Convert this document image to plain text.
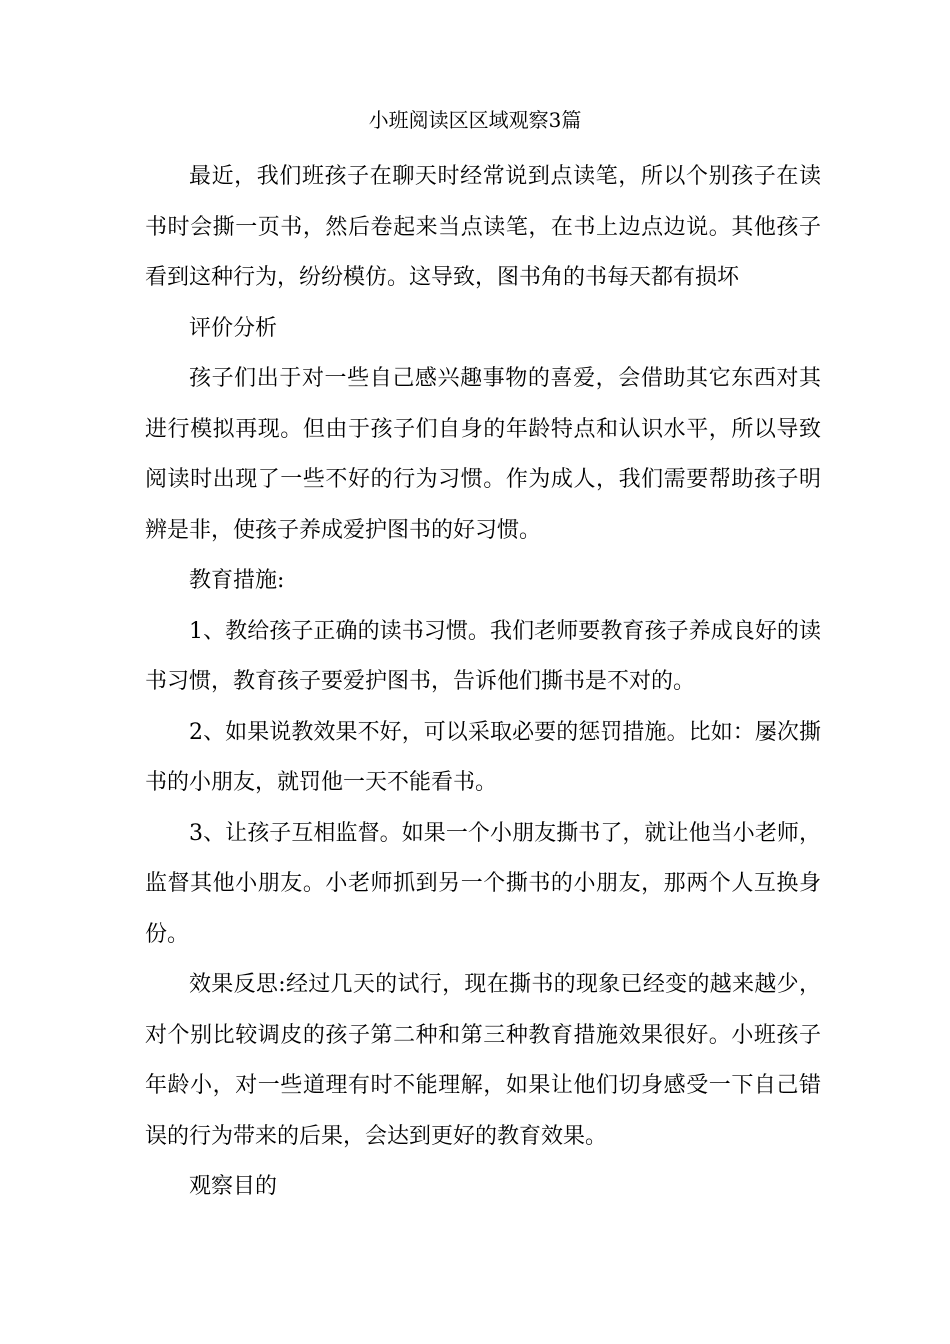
小班阅读区区域观察3篇

最近，我们班孩子在聊天时经常说到点读笔，所以个别孩子在读书时会撕一页书，然后卷起来当点读笔，在书上边点边说。其他孩子看到这种行为，纷纷模仿。这导致，图书角的书每天都有损坏

评价分析

孩子们出于对一些自己感兴趣事物的喜爱，会借助其它东西对其进行模拟再现。但由于孩子们自身的年龄特点和认识水平，所以导致阅读时出现了一些不好的行为习惯。作为成人，我们需要帮助孩子明辨是非，使孩子养成爱护图书的好习惯。

教育措施:

1、教给孩子正确的读书习惯。我们老师要教育孩子养成良好的读书习惯，教育孩子要爱护图书，告诉他们撕书是不对的。

2、如果说教效果不好，可以采取必要的惩罚措施。比如：屡次撕书的小朋友，就罚他一天不能看书。

3、让孩子互相监督。如果一个小朋友撕书了，就让他当小老师，监督其他小朋友。小老师抓到另一个撕书的小朋友，那两个人互换身份。

效果反思:经过几天的试行，现在撕书的现象已经变的越来越少，对个别比较调皮的孩子第二种和第三种教育措施效果很好。小班孩子年龄小，对一些道理有时不能理解，如果让他们切身感受一下自己错误的行为带来的后果，会达到更好的教育效果。

观察目的
